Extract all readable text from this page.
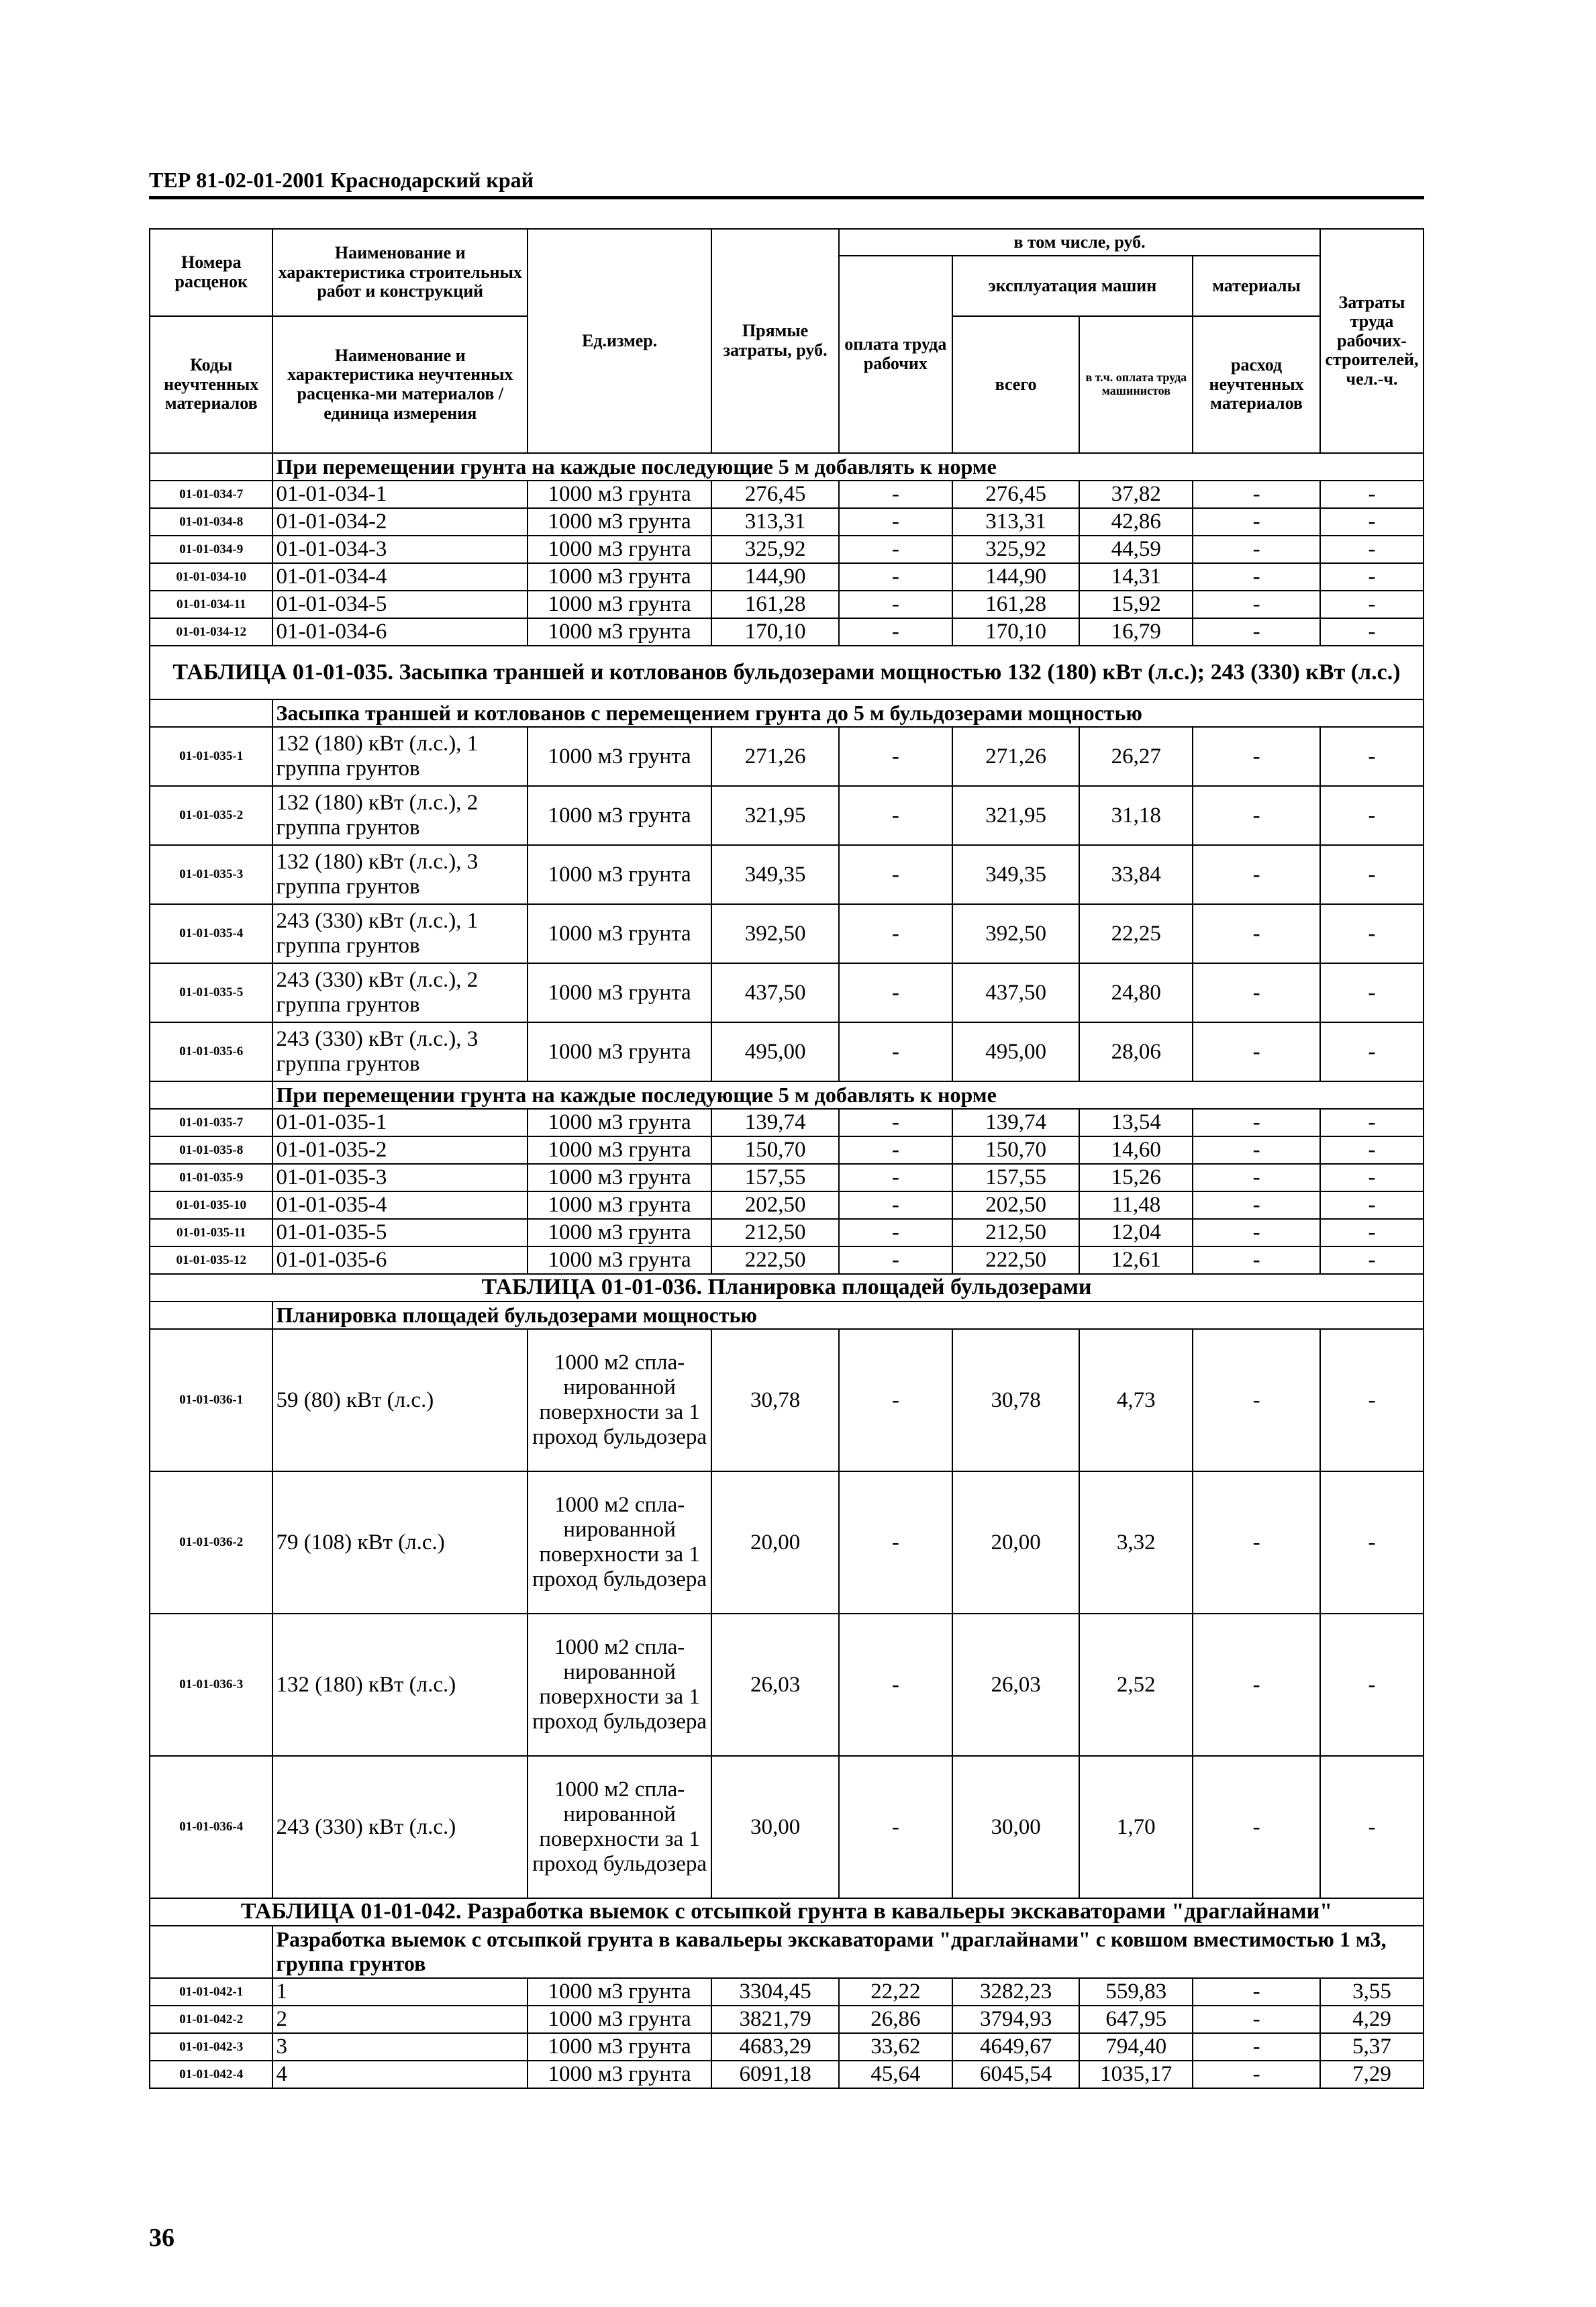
ТЕР 81-02-01-2001 Краснодарский край
Номера расценок	Наименование и характеристика строительных работ и конструкций	Ед.измер.	Прямые затраты, руб.	в том числе, руб.				Затраты труда рабочих-строителей, чел.-ч.
				оплата труда рабочих	эксплуатация машин		материалы	
Коды неучтенных материалов	Наименование и характеристика неучтенных расценка-ми материалов / единица измерения				всего	в т.ч. оплата труда машинистов	расход неучтенных материалов	

	При перемещении грунта на каждые последующие 5 м добавлять к норме							
01-01-034-7	01-01-034-1	1000 м3 грунта	276,45	-	276,45	37,82	-	-
01-01-034-8	01-01-034-2	1000 м3 грунта	313,31	-	313,31	42,86	-	-
01-01-034-9	01-01-034-3	1000 м3 грунта	325,92	-	325,92	44,59	-	-
01-01-034-10	01-01-034-4	1000 м3 грунта	144,90	-	144,90	14,31	-	-
01-01-034-11	01-01-034-5	1000 м3 грунта	161,28	-	161,28	15,92	-	-
01-01-034-12	01-01-034-6	1000 м3 грунта	170,10	-	170,10	16,79	-	-
ТАБЛИЦА 01-01-035. Засыпка траншей и котлованов бульдозерами мощностью 132 (180) кВт (л.с.); 243 (330) кВт (л.с.)								
	Засыпка траншей и котлованов с перемещением грунта до 5 м бульдозерами мощностью							
01-01-035-1	132 (180) кВт (л.с.), 1 группа грунтов	1000 м3 грунта	271,26	-	271,26	26,27	-	-
01-01-035-2	132 (180) кВт (л.с.), 2 группа грунтов	1000 м3 грунта	321,95	-	321,95	31,18	-	-
01-01-035-3	132 (180) кВт (л.с.), 3 группа грунтов	1000 м3 грунта	349,35	-	349,35	33,84	-	-
01-01-035-4	243 (330) кВт (л.с.), 1 группа грунтов	1000 м3 грунта	392,50	-	392,50	22,25	-	-
01-01-035-5	243 (330) кВт (л.с.), 2 группа грунтов	1000 м3 грунта	437,50	-	437,50	24,80	-	-
01-01-035-6	243 (330) кВт (л.с.), 3 группа грунтов	1000 м3 грунта	495,00	-	495,00	28,06	-	-
	При перемещении грунта на каждые последующие 5 м добавлять к норме							
01-01-035-7	01-01-035-1	1000 м3 грунта	139,74	-	139,74	13,54	-	-
01-01-035-8	01-01-035-2	1000 м3 грунта	150,70	-	150,70	14,60	-	-
01-01-035-9	01-01-035-3	1000 м3 грунта	157,55	-	157,55	15,26	-	-
01-01-035-10	01-01-035-4	1000 м3 грунта	202,50	-	202,50	11,48	-	-
01-01-035-11	01-01-035-5	1000 м3 грунта	212,50	-	212,50	12,04	-	-
01-01-035-12	01-01-035-6	1000 м3 грунта	222,50	-	222,50	12,61	-	-
ТАБЛИЦА 01-01-036. Планировка площадей бульдозерами								
	Планировка площадей бульдозерами мощностью							
01-01-036-1	59 (80) кВт (л.с.)	1000 м2 спла-нированной поверхности за 1 проход бульдозера	30,78	-	30,78	4,73	-	-
01-01-036-2	79 (108) кВт (л.с.)	1000 м2 спла-нированной поверхности за 1 проход бульдозера	20,00	-	20,00	3,32	-	-
01-01-036-3	132 (180) кВт (л.с.)	1000 м2 спла-нированной поверхности за 1 проход бульдозера	26,03	-	26,03	2,52	-	-
01-01-036-4	243 (330) кВт (л.с.)	1000 м2 спла-нированной поверхности за 1 проход бульдозера	30,00	-	30,00	1,70	-	-
ТАБЛИЦА 01-01-042. Разработка выемок с отсыпкой грунта в кавальеры экскаваторами "драглайнами"								
	Разработка выемок с отсыпкой грунта в кавальеры экскаваторами "драглайнами" с ковшом вместимостью 1 м3, группа грунтов							
01-01-042-1	1	1000 м3 грунта	3304,45	22,22	3282,23	559,83	-	3,55
01-01-042-2	2	1000 м3 грунта	3821,79	26,86	3794,93	647,95	-	4,29
01-01-042-3	3	1000 м3 грунта	4683,29	33,62	4649,67	794,40	-	5,37
01-01-042-4	4	1000 м3 грунта	6091,18	45,64	6045,54	1035,17	-	7,29
36
